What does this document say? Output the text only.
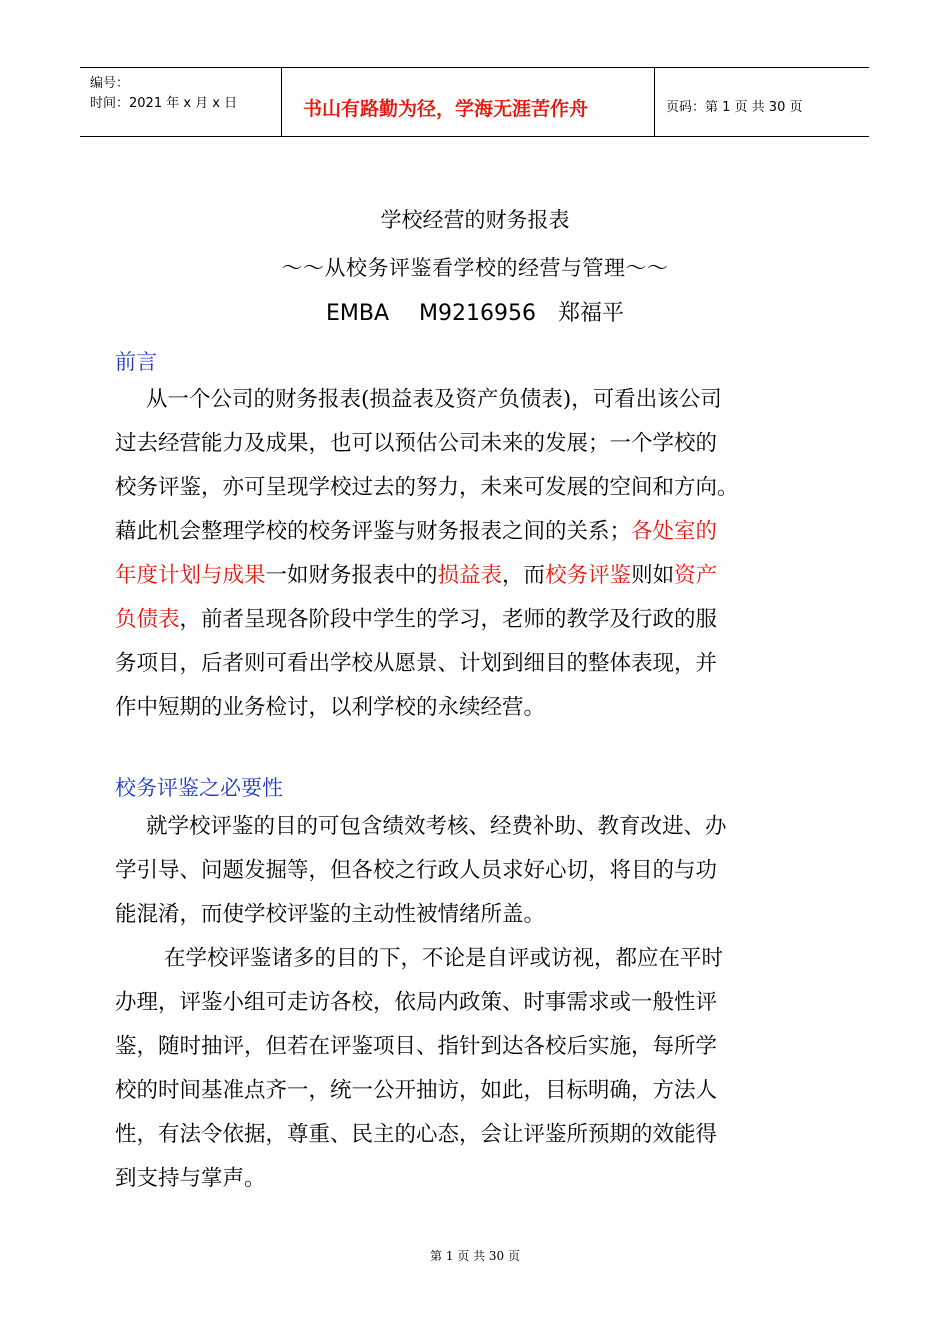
编号：
时间：2021 年 x 月 x 日	书山有路勤为径，学海无涯苦作舟	页码：第 1 页 共 30 页
学校经营的财务报表
～～从校务评鉴看学校的经营与管理～～
EMBA M9216956 郑福平
前言
从一个公司的财务报表(损益表及资产负债表)，可看出该公司
过去经营能力及成果，也可以预估公司未来的发展；一个学校的
校务评鉴，亦可呈现学校过去的努力，未来可发展的空间和方向。
藉此机会整理学校的校务评鉴与财务报表之间的关系；各处室的
年度计划与成果一如财务报表中的损益表，而校务评鉴则如资产
负债表，前者呈现各阶段中学生的学习，老师的教学及行政的服
务项目，后者则可看出学校从愿景、计划到细目的整体表现，并
作中短期的业务检讨，以利学校的永续经营。
校务评鉴之必要性
就学校评鉴的目的可包含绩效考核、经费补助、教育改进、办
学引导、问题发掘等，但各校之行政人员求好心切，将目的与功
能混淆，而使学校评鉴的主动性被情绪所盖。
在学校评鉴诸多的目的下，不论是自评或访视，都应在平时
办理，评鉴小组可走访各校，依局内政策、时事需求或一般性评
鉴，随时抽评，但若在评鉴项目、指针到达各校后实施，每所学
校的时间基准点齐一，统一公开抽访，如此，目标明确，方法人
性，有法令依据，尊重、民主的心态，会让评鉴所预期的效能得
到支持与掌声。
第 1 页 共 30 页
